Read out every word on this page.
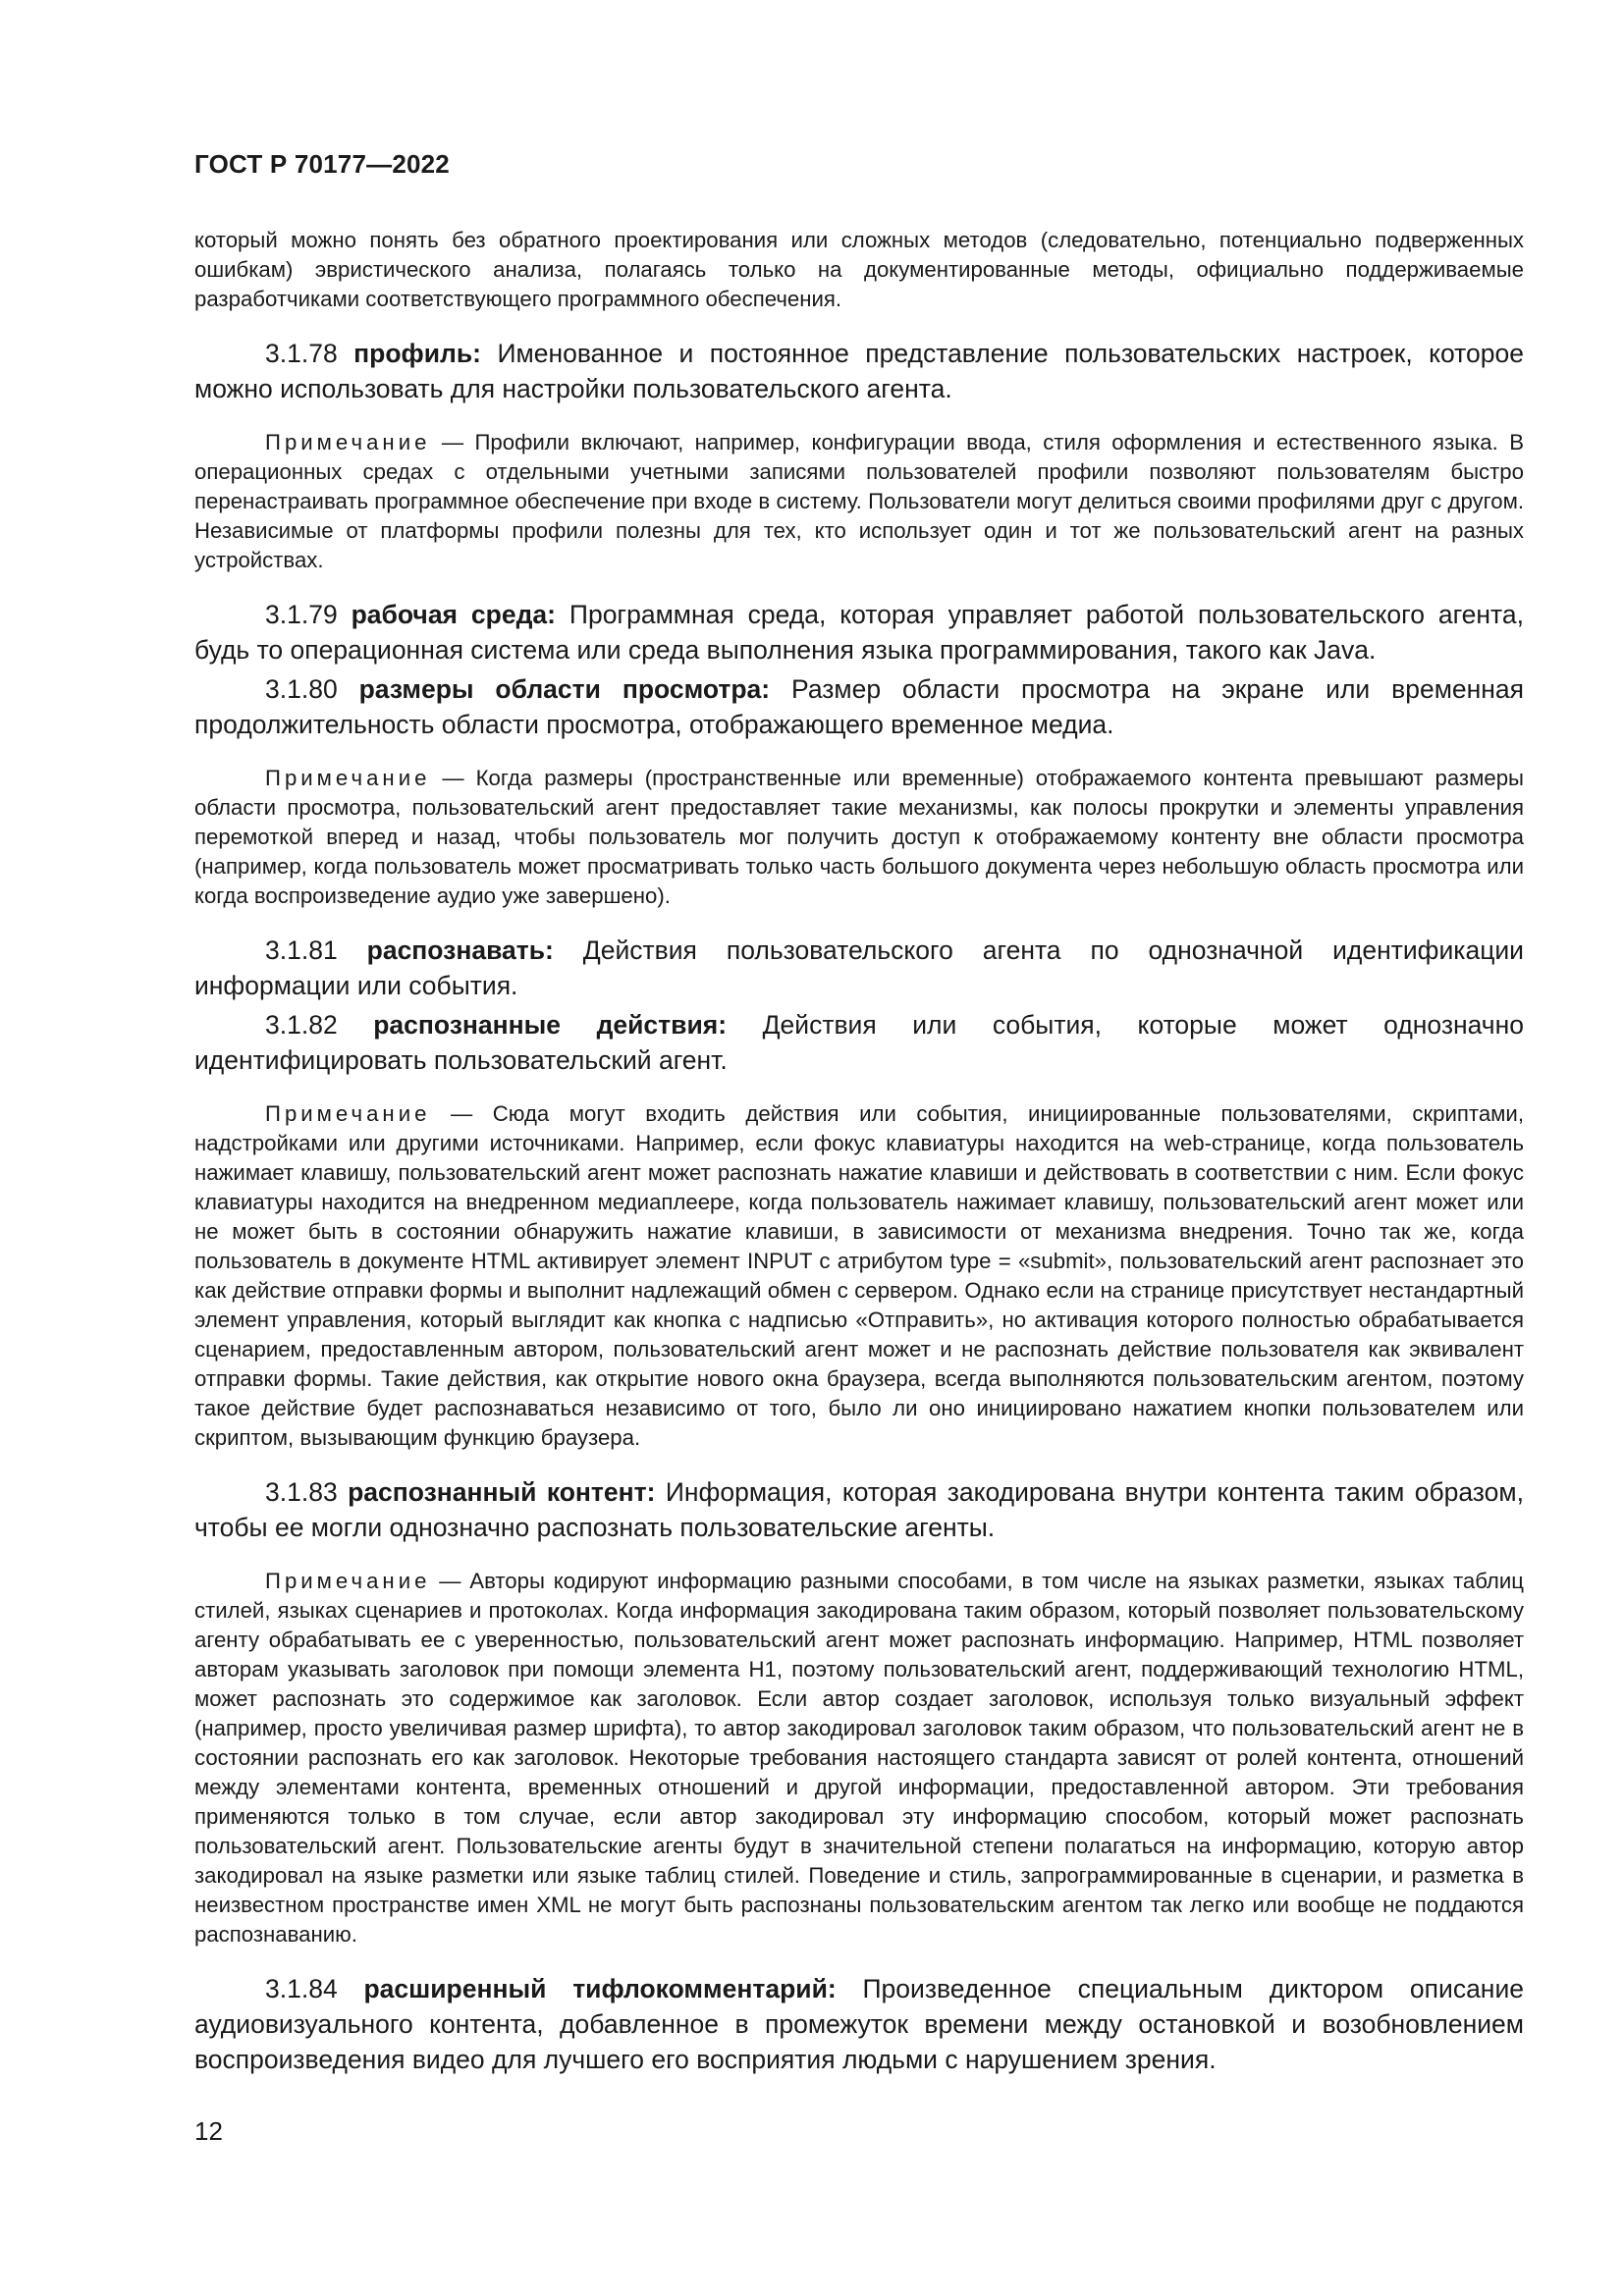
ГОСТ Р 70177—2022

который можно понять без обратного проектирования или сложных методов (следовательно, потенциально подверженных ошибкам) эвристического анализа, полагаясь только на документированные методы, официально поддерживаемые разработчиками соответствующего программного обеспечения.

3.1.78 профиль: Именованное и постоянное представление пользовательских настроек, которое можно использовать для настройки пользовательского агента.

Примечание — Профили включают, например, конфигурации ввода, стиля оформления и естественного языка. В операционных средах с отдельными учетными записями пользователей профили позволяют пользователям быстро перенастраивать программное обеспечение при входе в систему. Пользователи могут делиться своими профилями друг с другом. Независимые от платформы профили полезны для тех, кто использует один и тот же пользовательский агент на разных устройствах.

3.1.79 рабочая среда: Программная среда, которая управляет работой пользовательского агента, будь то операционная система или среда выполнения языка программирования, такого как Java.

3.1.80 размеры области просмотра: Размер области просмотра на экране или временная продолжительность области просмотра, отображающего временное медиа.

Примечание — Когда размеры (пространственные или временные) отображаемого контента превышают размеры области просмотра, пользовательский агент предоставляет такие механизмы, как полосы прокрутки и элементы управления перемоткой вперед и назад, чтобы пользователь мог получить доступ к отображаемому контенту вне области просмотра (например, когда пользователь может просматривать только часть большого документа через небольшую область просмотра или когда воспроизведение аудио уже завершено).

3.1.81 распознавать: Действия пользовательского агента по однозначной идентификации информации или события.

3.1.82 распознанные действия: Действия или события, которые может однозначно идентифицировать пользовательский агент.

Примечание — Сюда могут входить действия или события, инициированные пользователями, скриптами, надстройками или другими источниками. Например, если фокус клавиатуры находится на web-странице, когда пользователь нажимает клавишу, пользовательский агент может распознать нажатие клавиши и действовать в соответствии с ним. Если фокус клавиатуры находится на внедренном медиаплеере, когда пользователь нажимает клавишу, пользовательский агент может или не может быть в состоянии обнаружить нажатие клавиши, в зависимости от механизма внедрения. Точно так же, когда пользователь в документе HTML активирует элемент INPUT с атрибутом type = «submit», пользовательский агент распознает это как действие отправки формы и выполнит надлежащий обмен с сервером. Однако если на странице присутствует нестандартный элемент управления, который выглядит как кнопка с надписью «Отправить», но активация которого полностью обрабатывается сценарием, предоставленным автором, пользовательский агент может и не распознать действие пользователя как эквивалент отправки формы. Такие действия, как открытие нового окна браузера, всегда выполняются пользовательским агентом, поэтому такое действие будет распознаваться независимо от того, было ли оно инициировано нажатием кнопки пользователем или скриптом, вызывающим функцию браузера.

3.1.83 распознанный контент: Информация, которая закодирована внутри контента таким образом, чтобы ее могли однозначно распознать пользовательские агенты.

Примечание — Авторы кодируют информацию разными способами, в том числе на языках разметки, языках таблиц стилей, языках сценариев и протоколах. Когда информация закодирована таким образом, который позволяет пользовательскому агенту обрабатывать ее с уверенностью, пользовательский агент может распознать информацию. Например, HTML позволяет авторам указывать заголовок при помощи элемента H1, поэтому пользовательский агент, поддерживающий технологию HTML, может распознать это содержимое как заголовок. Если автор создает заголовок, используя только визуальный эффект (например, просто увеличивая размер шрифта), то автор закодировал заголовок таким образом, что пользовательский агент не в состоянии распознать его как заголовок. Некоторые требования настоящего стандарта зависят от ролей контента, отношений между элементами контента, временных отношений и другой информации, предоставленной автором. Эти требования применяются только в том случае, если автор закодировал эту информацию способом, который может распознать пользовательский агент. Пользовательские агенты будут в значительной степени полагаться на информацию, которую автор закодировал на языке разметки или языке таблиц стилей. Поведение и стиль, запрограммированные в сценарии, и разметка в неизвестном пространстве имен XML не могут быть распознаны пользовательским агентом так легко или вообще не поддаются распознаванию.

3.1.84 расширенный тифлокомментарий: Произведенное специальным диктором описание аудиовизуального контента, добавленное в промежуток времени между остановкой и возобновлением воспроизведения видео для лучшего его восприятия людьми с нарушением зрения.

12
